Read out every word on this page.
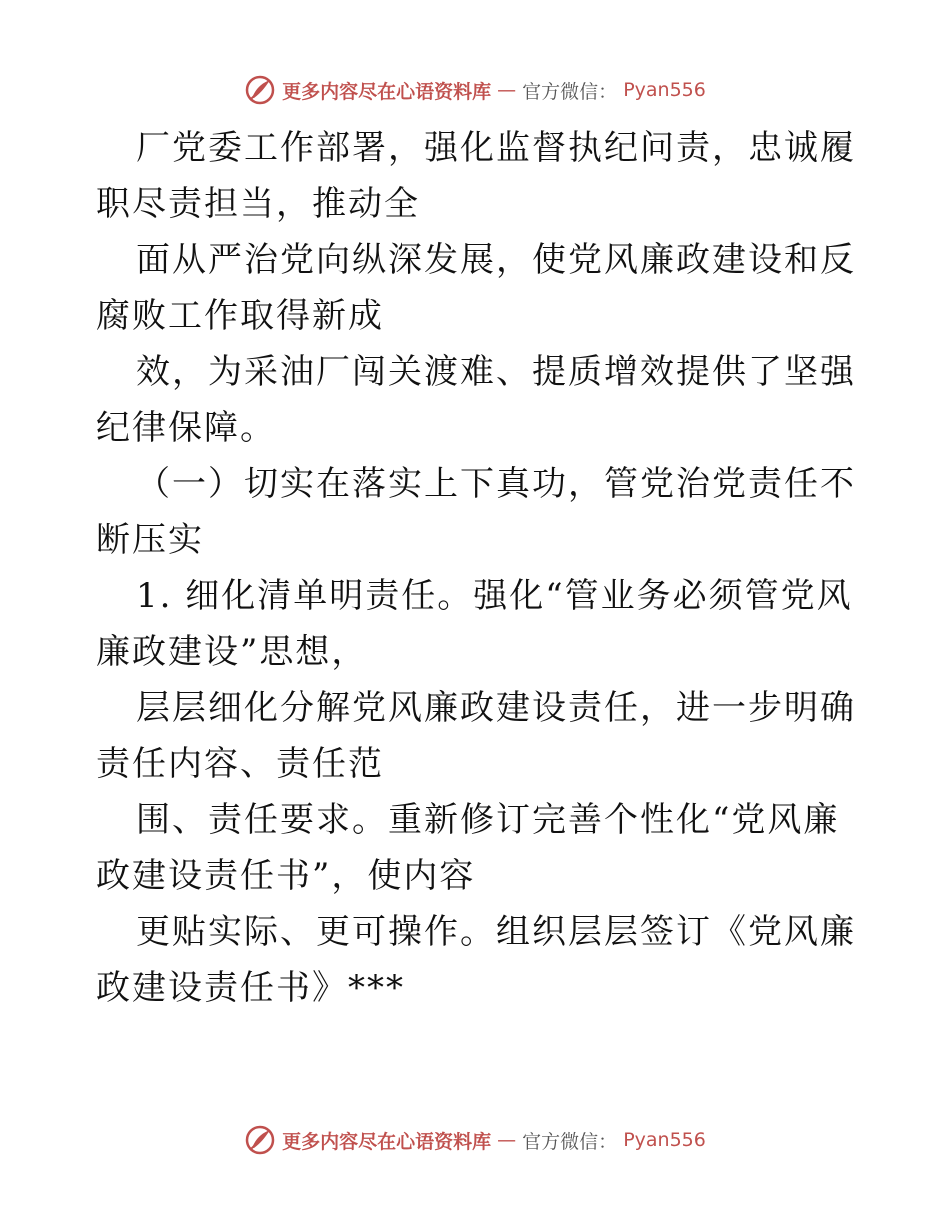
更多内容尽在心语资料库 — 官方微信： Pyan556

厂党委工作部署，强化监督执纪问责，忠诚履职尽责担当，推动全

面从严治党向纵深发展，使党风廉政建设和反腐败工作取得新成

效，为采油厂闯关渡难、提质增效提供了坚强纪律保障。

（一）切实在落实上下真功，管党治党责任不断压实

1. 细化清单明责任。强化“管业务必须管党风廉政建设”思想，

层层细化分解党风廉政建设责任，进一步明确责任内容、责任范

围、责任要求。重新修订完善个性化“党风廉政建设责任书”，使内容

更贴实际、更可操作。组织层层签订《党风廉政建设责任书》***

更多内容尽在心语资料库 — 官方微信： Pyan556
